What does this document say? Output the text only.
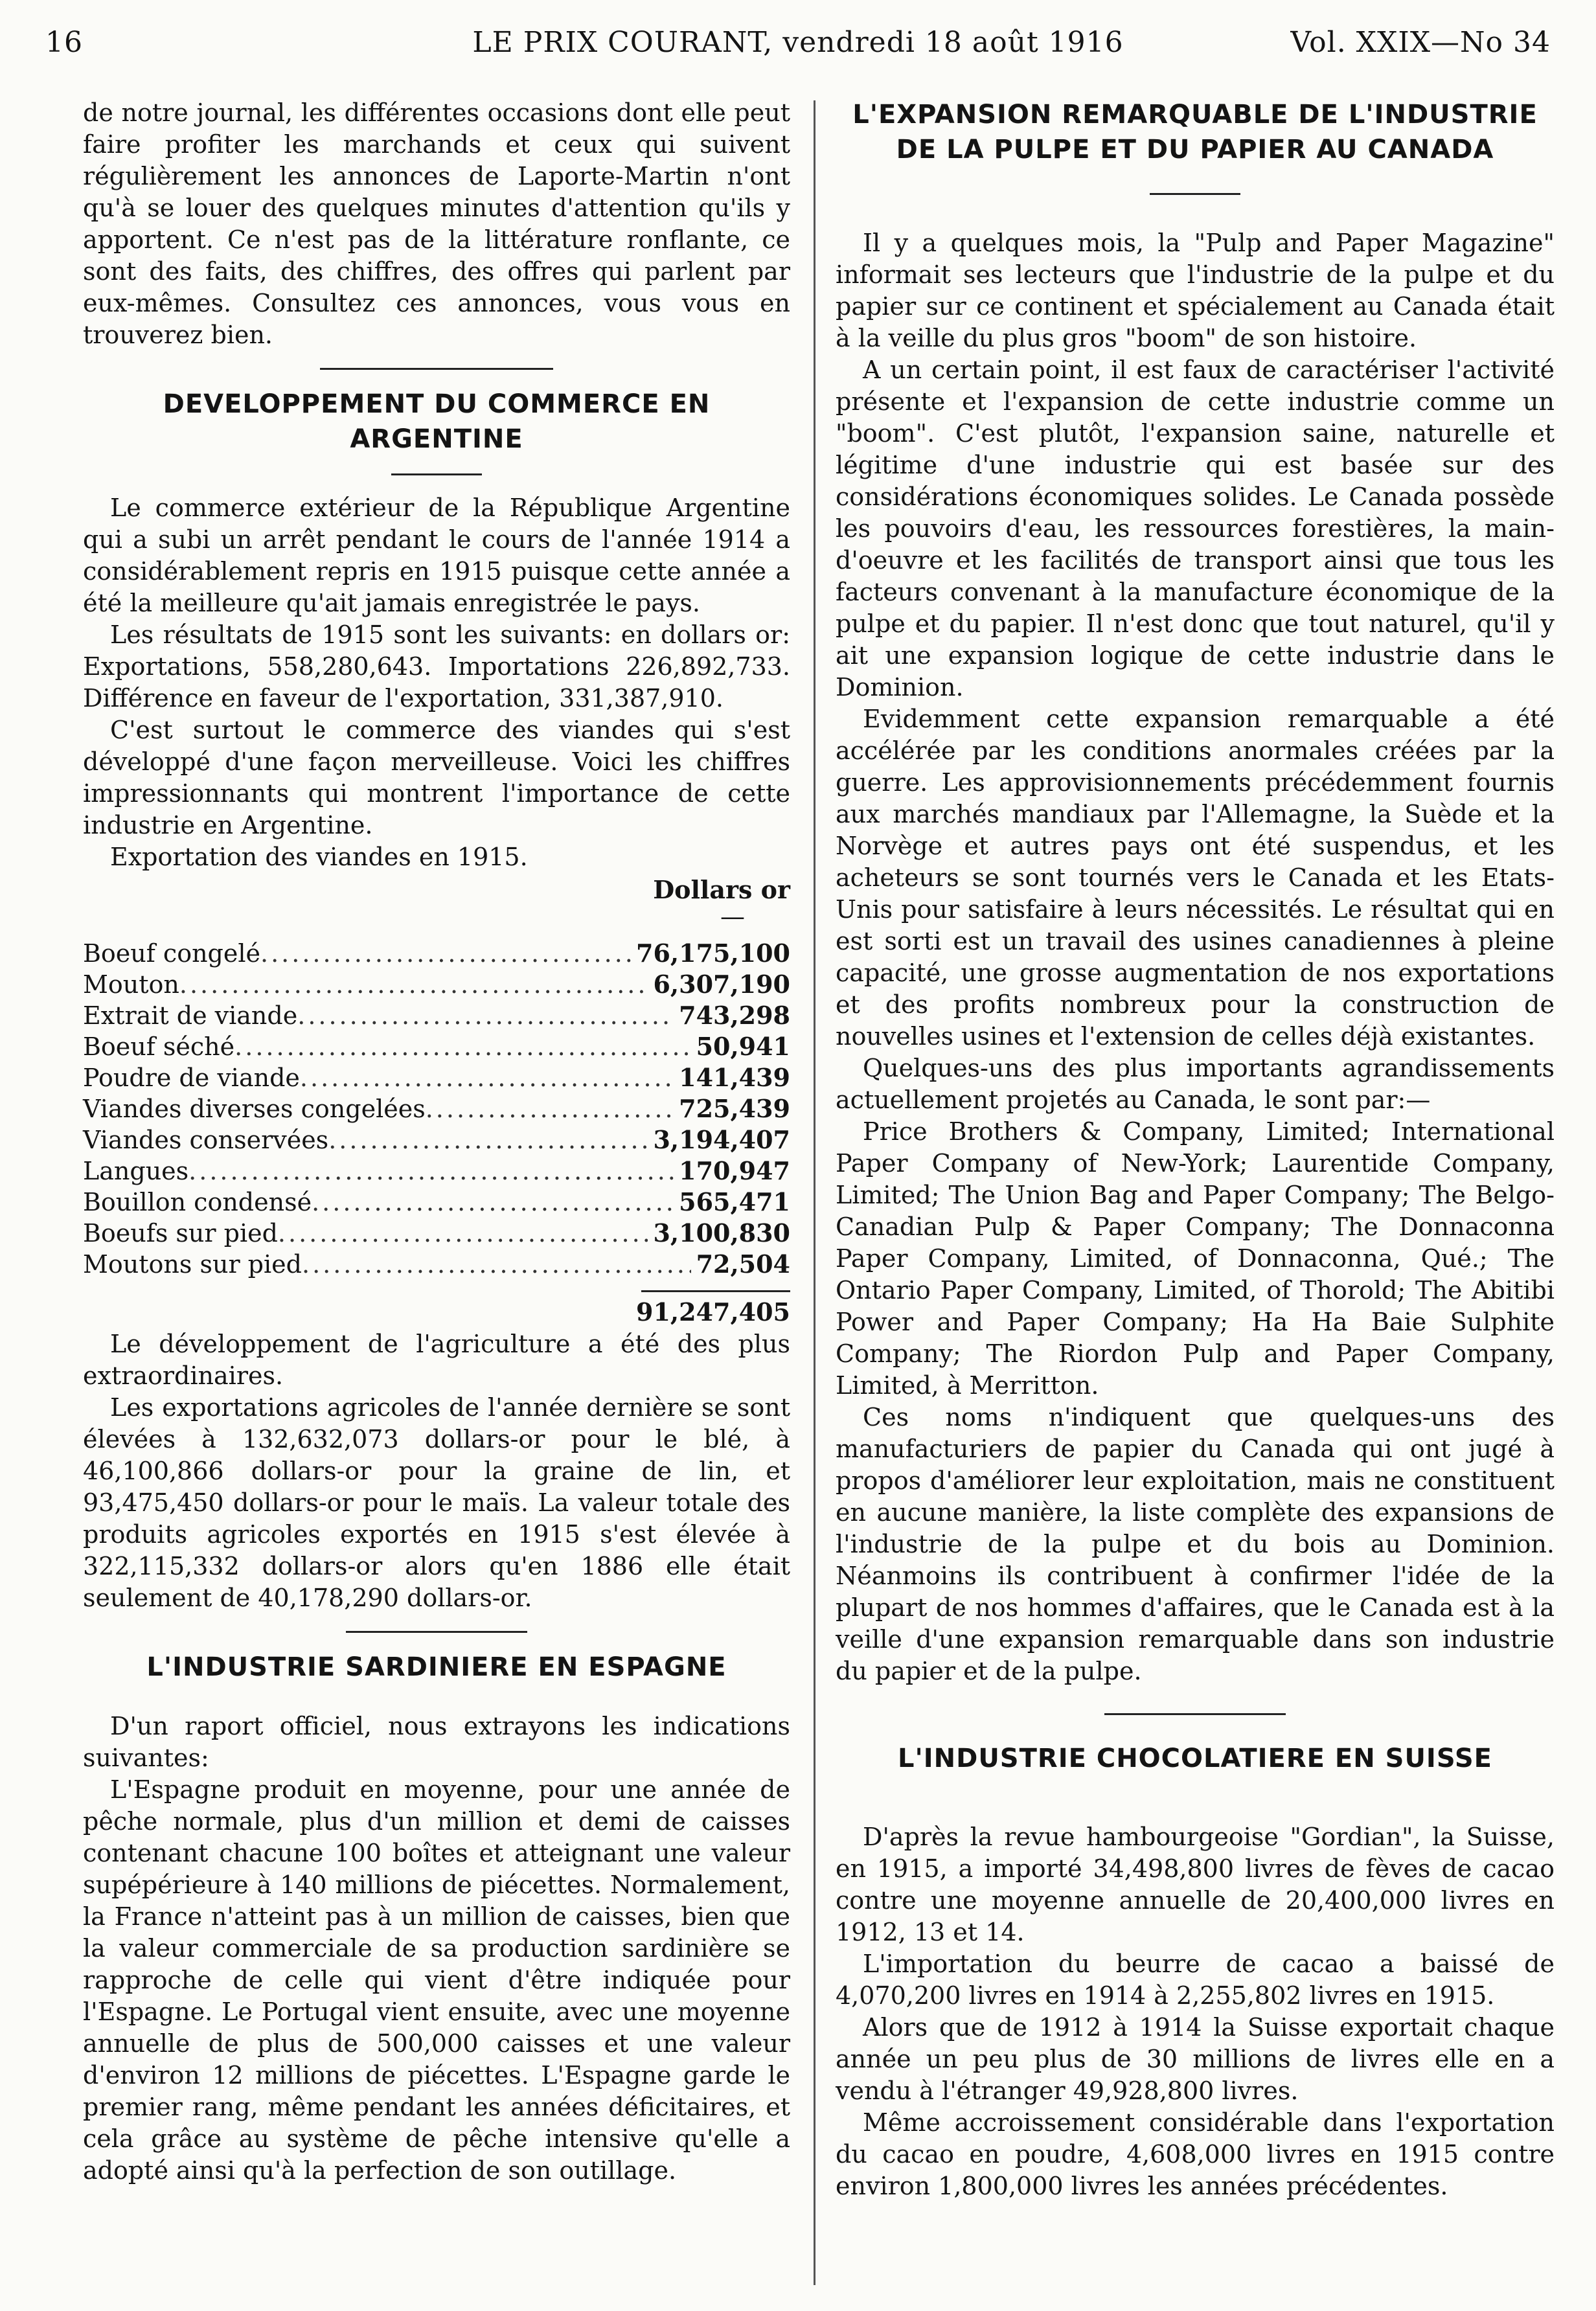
16	LE PRIX COURANT, vendredi 18 août 1916	Vol. XXIX—No 34

de notre journal, les différentes occasions dont elle peut faire profiter les marchands et ceux qui suivent régulièrement les annonces de Laporte-Martin n'ont qu'à se louer des quelques minutes d'attention qu'ils y apportent. Ce n'est pas de la littérature ronflante, ce sont des faits, des chiffres, des offres qui parlent par eux-mêmes. Consultez ces annonces, vous vous en trouverez bien.

DEVELOPPEMENT DU COMMERCE EN ARGENTINE

Le commerce extérieur de la République Argentine qui a subi un arrêt pendant le cours de l'année 1914 a considérablement repris en 1915 puisque cette année a été la meilleure qu'ait jamais enregistrée le pays.

Les résultats de 1915 sont les suivants: en dollars or: Exportations, 558,280,643. Importations 226,892,733. Différence en faveur de l'exportation, 331,387,910.

C'est surtout le commerce des viandes qui s'est développé d'une façon merveilleuse. Voici les chiffres impressionnants qui montrent l'importance de cette industrie en Argentine.

Exportation des viandes en 1915.

Dollars or
—
Boeuf congelé .....	76,175,100
Mouton .....	6,307,190
Extrait de viande .....	743,298
Boeuf séché .....	50,941
Poudre de viande .....	141,439
Viandes diverses congelées .....	725,439
Viandes conservées .....	3,194,407
Langues .....	170,947
Bouillon condensé .....	565,471
Boeufs sur pied .....	3,100,830
Moutons sur pied .....	72,504
91,247,405

Le développement de l'agriculture a été des plus extraordinaires.

Les exportations agricoles de l'année dernière se sont élevées à 132,632,073 dollars-or pour le blé, à 46,100,866 dollars-or pour la graine de lin, et 93,475,450 dollars-or pour le maïs. La valeur totale des produits agricoles exportés en 1915 s'est élevée à 322,115,332 dollars-or alors qu'en 1886 elle était seulement de 40,178,290 dollars-or.

L'INDUSTRIE SARDINIERE EN ESPAGNE

D'un raport officiel, nous extrayons les indications suivantes:

L'Espagne produit en moyenne, pour une année de pêche normale, plus d'un million et demi de caisses contenant chacune 100 boîtes et atteignant une valeur supépérieure à 140 millions de piécettes. Normalement, la France n'atteint pas à un million de caisses, bien que la valeur commerciale de sa production sardinière se rapproche de celle qui vient d'être indiquée pour l'Espagne. Le Portugal vient ensuite, avec une moyenne annuelle de plus de 500,000 caisses et une valeur d'environ 12 millions de piécettes. L'Espagne garde le premier rang, même pendant les années déficitaires, et cela grâce au système de pêche intensive qu'elle a adopté ainsi qu'à la perfection de son outillage.

L'EXPANSION REMARQUABLE DE L'INDUSTRIE DE LA PULPE ET DU PAPIER AU CANADA

Il y a quelques mois, la "Pulp and Paper Magazine" informait ses lecteurs que l'industrie de la pulpe et du papier sur ce continent et spécialement au Canada était à la veille du plus gros "boom" de son histoire.

A un certain point, il est faux de caractériser l'activité présente et l'expansion de cette industrie comme un "boom". C'est plutôt, l'expansion saine, naturelle et légitime d'une industrie qui est basée sur des considérations économiques solides. Le Canada possède les pouvoirs d'eau, les ressources forestières, la main-d'oeuvre et les facilités de transport ainsi que tous les facteurs convenant à la manufacture économique de la pulpe et du papier. Il n'est donc que tout naturel, qu'il y ait une expansion logique de cette industrie dans le Dominion.

Evidemment cette expansion remarquable a été accélérée par les conditions anormales créées par la guerre. Les approvisionnements précédemment fournis aux marchés mandiaux par l'Allemagne, la Suède et la Norvège et autres pays ont été suspendus, et les acheteurs se sont tournés vers le Canada et les Etats-Unis pour satisfaire à leurs nécessités. Le résultat qui en est sorti est un travail des usines canadiennes à pleine capacité, une grosse augmentation de nos exportations et des profits nombreux pour la construction de nouvelles usines et l'extension de celles déjà existantes.

Quelques-uns des plus importants agrandissements actuellement projetés au Canada, le sont par:—

Price Brothers & Company, Limited; International Paper Company of New-York; Laurentide Company, Limited; The Union Bag and Paper Company; The Belgo-Canadian Pulp & Paper Company; The Donnaconna Paper Company, Limited, of Donnaconna, Qué.; The Ontario Paper Company, Limited, of Thorold; The Abitibi Power and Paper Company; Ha Ha Baie Sulphite Company; The Riordon Pulp and Paper Company, Limited, à Merritton.

Ces noms n'indiquent que quelques-uns des manufacturiers de papier du Canada qui ont jugé à propos d'améliorer leur exploitation, mais ne constituent en aucune manière, la liste complète des expansions de l'industrie de la pulpe et du bois au Dominion. Néanmoins ils contribuent à confirmer l'idée de la plupart de nos hommes d'affaires, que le Canada est à la veille d'une expansion remarquable dans son industrie du papier et de la pulpe.

L'INDUSTRIE CHOCOLATIERE EN SUISSE

D'après la revue hambourgeoise "Gordian", la Suisse, en 1915, a importé 34,498,800 livres de fèves de cacao contre une moyenne annuelle de 20,400,000 livres en 1912, 13 et 14.

L'importation du beurre de cacao a baissé de 4,070,200 livres en 1914 à 2,255,802 livres en 1915.

Alors que de 1912 à 1914 la Suisse exportait chaque année un peu plus de 30 millions de livres elle en a vendu à l'étranger 49,928,800 livres.

Même accroissement considérable dans l'exportation du cacao en poudre, 4,608,000 livres en 1915 contre environ 1,800,000 livres les années précédentes.
